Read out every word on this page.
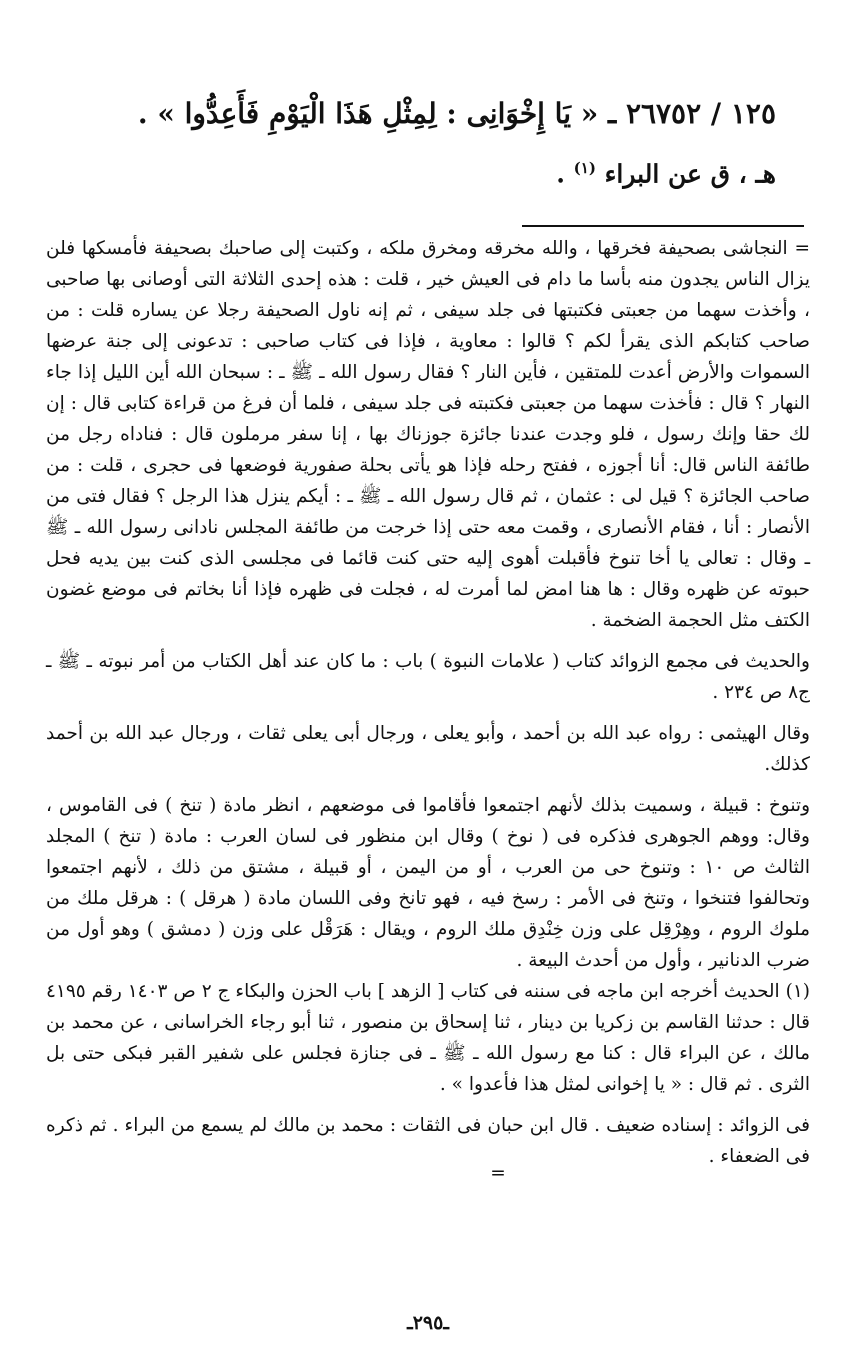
١٢٥ / ٢٦٧٥٢ ـ « يَا إِخْوَانِى : لِمِثْلِ هَذَا الْيَوْمِ فَأَعِدُّوا » .
هـ ، ق عن البراء $^{(١)}$ .

= النجاشى بصحيفة فخرقها ، والله مخرقه ومخرق ملكه ، وكتبت إلى صاحبك بصحيفة فأمسكها فلن يزال الناس يجدون منه بأسا ما دام فى العيش خير ، قلت : هذه إحدى الثلاثة التى أوصانى بها صاحبى ، وأخذت سهما من جعبتى فكتبتها فى جلد سيفى ، ثم إنه ناول الصحيفة رجلا عن يساره قلت : من صاحب كتابكم الذى يقرأ لكم ؟ قالوا : معاوية ، فإذا فى كتاب صاحبى : تدعونى إلى جنة عرضها السموات والأرض أعدت للمتقين ، فأين النار ؟ فقال رسول الله ـ ﷺ ـ : سبحان الله أين الليل إذا جاء النهار ؟ قال : فأخذت سهما من جعبتى فكتبته فى جلد سيفى ، فلما أن فرغ من قراءة كتابى قال : إن لك حقا وإنك رسول ، فلو وجدت عندنا جائزة جوزناك بها ، إنا سفر مرملون قال : فناداه رجل من طائفة الناس قال: أنا أجوزه ، ففتح رحله فإذا هو يأتى بحلة صفورية فوضعها فى حجرى ، قلت : من صاحب الجائزة ؟ قيل لى : عثمان ، ثم قال رسول الله ـ ﷺ ـ : أيكم ينزل هذا الرجل ؟ فقال فتى من الأنصار : أنا ، فقام الأنصارى ، وقمت معه حتى إذا خرجت من طائفة المجلس نادانى رسول الله ـ ﷺ ـ وقال : تعالى يا أخا تنوخ فأقبلت أهوى إليه حتى كنت قائما فى مجلسى الذى كنت بين يديه فحل حبوته عن ظهره وقال : ها هنا امض لما أمرت له ، فجلت فى ظهره فإذا أنا بخاتم فى موضع غضون الكتف مثل الحجمة الضخمة .

والحديث فى مجمع الزوائد كتاب ( علامات النبوة ) باب : ما كان عند أهل الكتاب من أمر نبوته ـ ﷺ ـ ج٨ ص ٢٣٤ .

وقال الهيثمى : رواه عبد الله بن أحمد ، وأبو يعلى ، ورجال أبى يعلى ثقات ، ورجال عبد الله بن أحمد كذلك.

وتنوخ : قبيلة ، وسميت بذلك لأنهم اجتمعوا فأقاموا فى موضعهم ، انظر مادة ( تنخ ) فى القاموس ، وقال: ووهم الجوهرى فذكره فى ( نوخ ) وقال ابن منظور فى لسان العرب : مادة ( تنخ ) المجلد الثالث ص ١٠ : وتنوخ حى من العرب ، أو من اليمن ، أو قبيلة ، مشتق من ذلك ، لأنهم اجتمعوا وتحالفوا فتنخوا ، وتنخ فى الأمر : رسخ فيه ، فهو تانخ وفى اللسان مادة ( هرقل ) : هرقل ملك من ملوك الروم ، وهِرْقِل على وزن خِنْدِق ملك الروم ، ويقال : هَرَقْل على وزن ( دمشق ) وهو أول من ضرب الدنانير ، وأول من أحدث البيعة .

(١) الحديث أخرجه ابن ماجه فى سننه فى كتاب [ الزهد ] باب الحزن والبكاء ج ٢ ص ١٤٠٣ رقم ٤١٩٥ قال : حدثنا القاسم بن زكريا بن دينار ، ثنا إسحاق بن منصور ، ثنا أبو رجاء الخراسانى ، عن محمد بن مالك ، عن البراء قال : كنا مع رسول الله ـ ﷺ ـ فى جنازة فجلس على شفير القبر فبكى حتى بل الثرى . ثم قال : « يا إخوانى لمثل هذا فأعدوا » .

فى الزوائد : إسناده ضعيف . قال ابن حبان فى الثقات : محمد بن مالك لم يسمع من البراء . ثم ذكره فى الضعفاء .

=

ـ٢٩٥ـ
